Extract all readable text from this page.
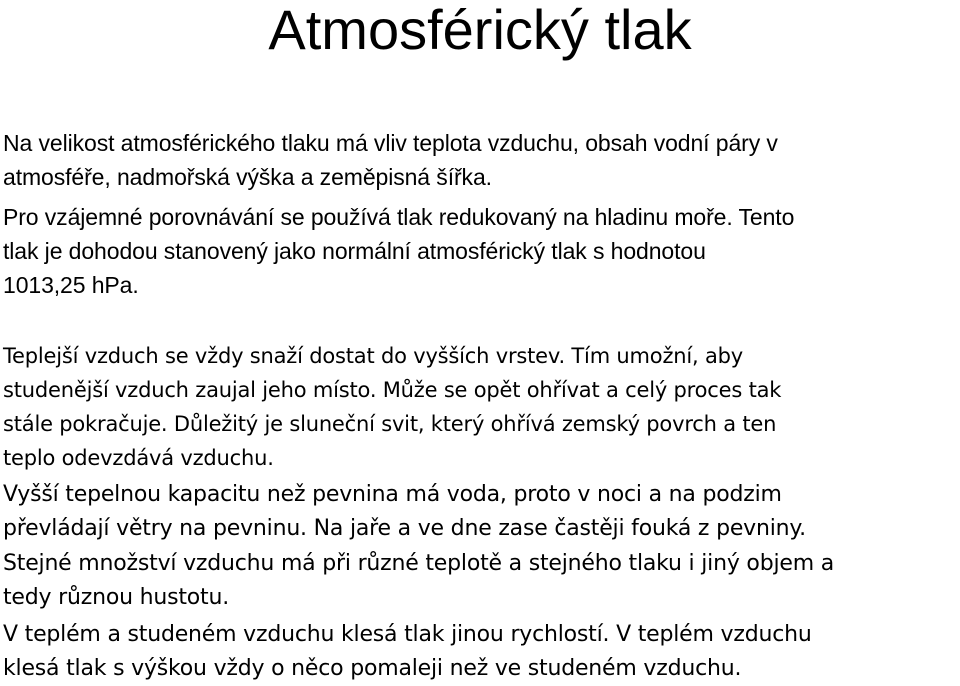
Atmosférický tlak

Na velikost atmosférického tlaku má vliv teplota vzduchu, obsah vodní páry v
atmosféře, nadmořská výška a zeměpisná šířka.

Pro vzájemné porovnávání se používá tlak redukovaný na hladinu moře. Tento
tlak je dohodou stanovený jako normální atmosférický tlak s hodnotou
1013,25 hPa.

Teplejší vzduch se vždy snaží dostat do vyšších vrstev. Tím umožní, aby
studenější vzduch zaujal jeho místo. Může se opět ohřívat a celý proces tak
stále pokračuje. Důležitý je sluneční svit, který ohřívá zemský povrch a ten
teplo odevzdává vzduchu.

Vyšší tepelnou kapacitu než pevnina má voda, proto v noci a na podzim
převládají větry na pevninu. Na jaře a ve dne zase častěji fouká z pevniny.

Stejné množství vzduchu má při různé teplotě a stejného tlaku i jiný objem a
tedy různou hustotu.

V teplém a studeném vzduchu klesá tlak jinou rychlostí. V teplém vzduchu
klesá tlak s výškou vždy o něco pomaleji než ve studeném vzduchu.
